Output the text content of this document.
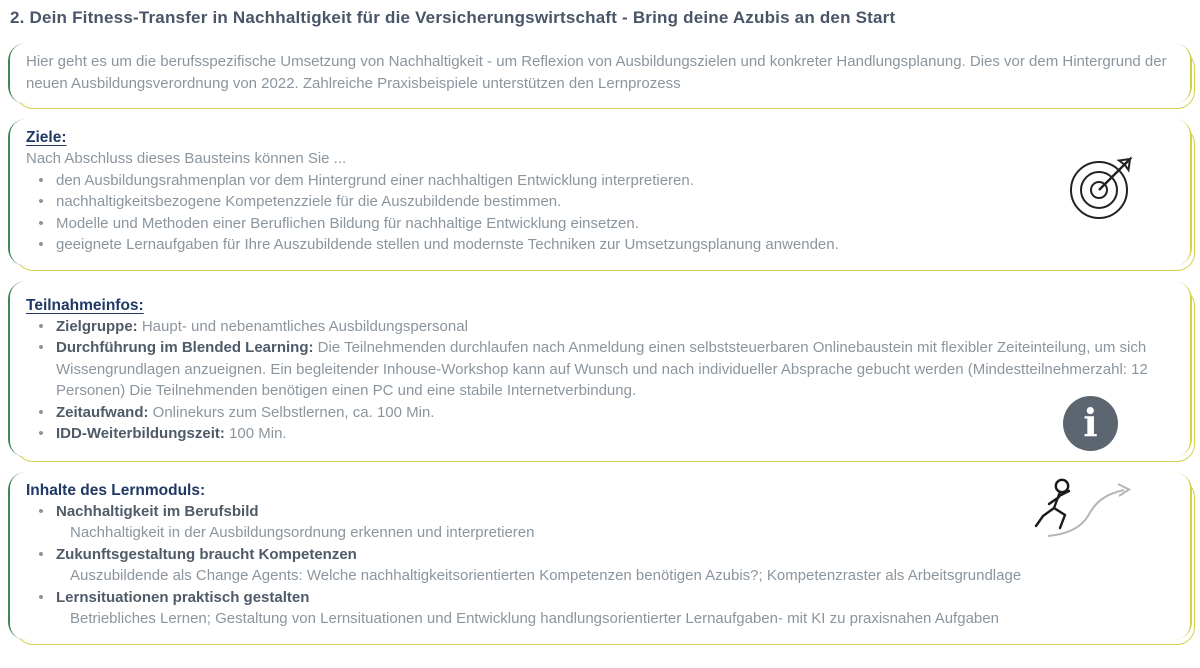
2. Dein Fitness-Transfer in Nachhaltigkeit für die Versicherungswirtschaft - Bring deine Azubis an den Start

Hier geht es um die berufsspezifische Umsetzung von Nachhaltigkeit - um Reflexion von Ausbildungszielen und konkreter Handlungsplanung. Dies vor dem Hintergrund der neuen Ausbildungsverordnung von 2022. Zahlreiche Praxisbeispiele unterstützen den Lernprozess

Ziele:

Nach Abschluss dieses Bausteins können Sie ...

• den Ausbildungsrahmenplan vor dem Hintergrund einer nachhaltigen Entwicklung interpretieren.
• nachhaltigkeitsbezogene Kompetenzziele für die Auszubildende bestimmen.
• Modelle und Methoden einer Beruflichen Bildung für nachhaltige Entwicklung einsetzen.
• geeignete Lernaufgaben für Ihre Auszubildende stellen und modernste Techniken zur Umsetzungsplanung anwenden.
Teilnahmeinfos:
• Zielgruppe: Haupt- und nebenamtliches Ausbildungspersonal
• Durchführung im Blended Learning: Die Teilnehmenden durchlaufen nach Anmeldung einen selbststeuerbaren Onlinebaustein mit flexibler Zeiteinteilung, um sich Wissengrundlagen anzueignen. Ein begleitender Inhouse-Workshop kann auf Wunsch und nach individueller Absprache gebucht werden (Mindestteilnehmerzahl: 12 Personen) Die Teilnehmenden benötigen einen PC und eine stabile Internetverbindung.
• Zeitaufwand: Onlinekurs zum Selbstlernen, ca. 100 Min.
• IDD-Weiterbildungszeit: 100 Min.	i
Inhalte des Lernmoduls:
• Nachhaltigkeit im Berufsbild
Nachhaltigkeit in der Ausbildungsordnung erkennen und interpretieren
• Zukunftsgestaltung braucht Kompetenzen
Auszubildende als Change Agents: Welche nachhaltigkeitsorientierten Kompetenzen benötigen Azubis?; Kompetenzraster als Arbeitsgrundlage
• Lernsituationen praktisch gestalten
Betriebliches Lernen; Gestaltung von Lernsituationen und Entwicklung handlungsorientierter Lernaufgaben- mit KI zu praxisnahen Aufgaben
